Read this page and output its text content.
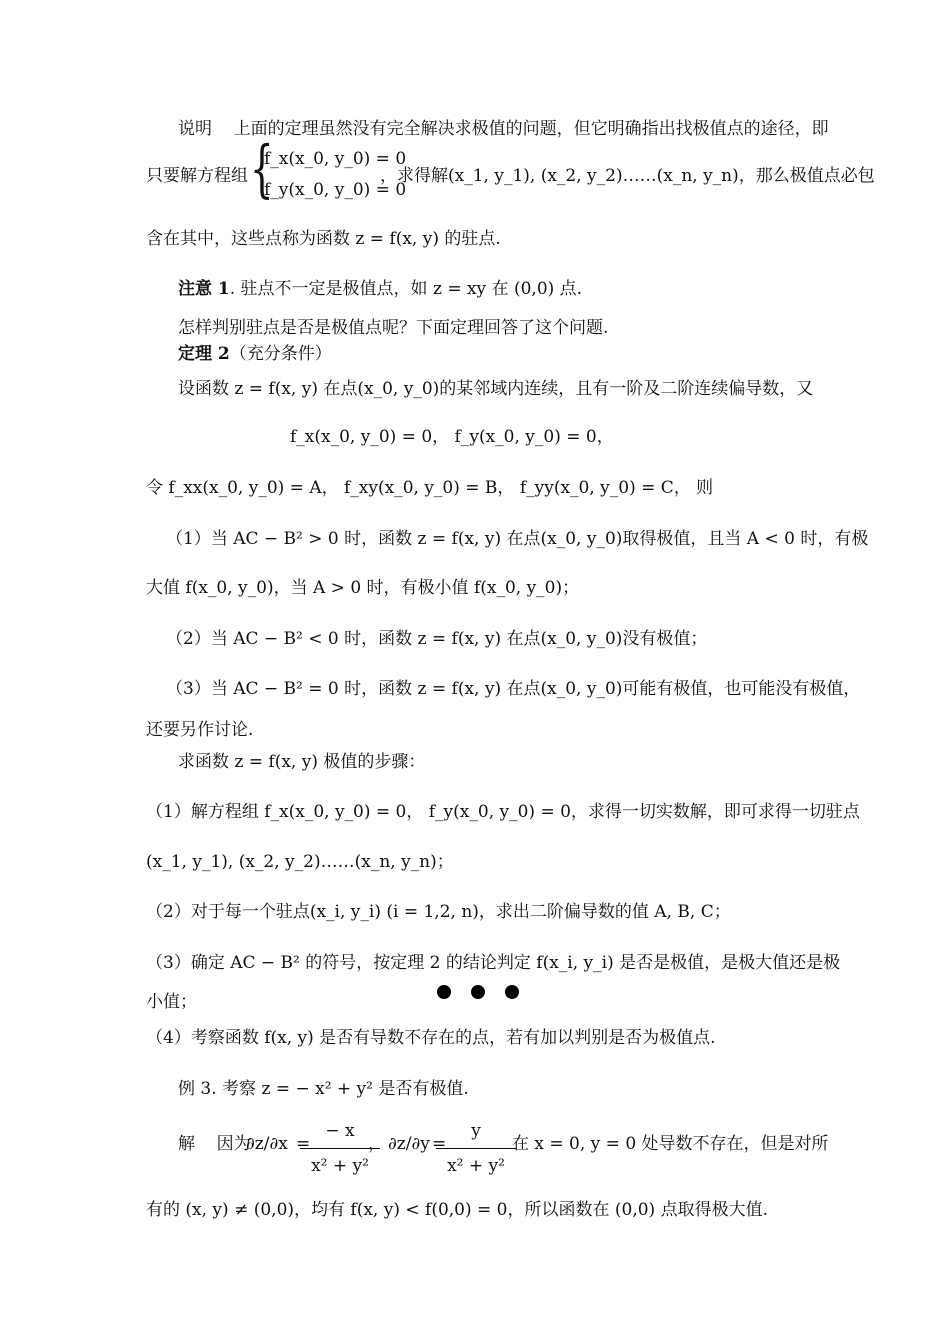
说明 上面的定理虽然没有完全解决求极值的问题，但它明确指出找极值点的途径，即
只要解方程组 {
f_x(x_0, y_0) = 0
f_y(x_0, y_0) = 0
，求得解(x_1, y_1), (x_2, y_2)……(x_n, y_n)，那么极值点必包
含在其中，这些点称为函数 z = f(x, y) 的驻点.
注意 1. 驻点不一定是极值点，如 z = xy 在 (0,0) 点.
怎样判别驻点是否是极值点呢？下面定理回答了这个问题.
定理 2（充分条件）
设函数 z = f(x, y) 在点(x_0, y_0)的某邻域内连续，且有一阶及二阶连续偏导数，又
f_x(x_0, y_0) = 0， f_y(x_0, y_0) = 0，
令 f_xx(x_0, y_0) = A， f_xy(x_0, y_0) = B， f_yy(x_0, y_0) = C， 则
（1）当 AC − B² > 0 时，函数 z = f(x, y) 在点(x_0, y_0)取得极值，且当 A < 0 时，有极
大值 f(x_0, y_0)，当 A > 0 时，有极小值 f(x_0, y_0)；
（2）当 AC − B² < 0 时，函数 z = f(x, y) 在点(x_0, y_0)没有极值；
（3）当 AC − B² = 0 时，函数 z = f(x, y) 在点(x_0, y_0)可能有极值，也可能没有极值，
还要另作讨论.
求函数 z = f(x, y) 极值的步骤：
（1）解方程组 f_x(x_0, y_0) = 0， f_y(x_0, y_0) = 0，求得一切实数解，即可求得一切驻点
(x_1, y_1), (x_2, y_2)……(x_n, y_n)；
（2）对于每一个驻点(x_i, y_i) (i = 1,2, n)，求出二阶偏导数的值 A, B, C；
（3）确定 AC − B² 的符号，按定理 2 的结论判定 f(x_i, y_i) 是否是极值，是极大值还是极
小值；
（4）考察函数 f(x, y) 是否有导数不存在的点，若有加以判别是否为极值点.
例 3. 考察 z = − x² + y² 是否有极值.
解 因为
∂z/∂x =
− x
x² + y²
， ∂z/∂y =
y
x² + y²
在 x = 0, y = 0 处导数不存在，但是对所
有的 (x, y) ≠ (0,0)，均有 f(x, y) < f(0,0) = 0，所以函数在 (0,0) 点取得极大值.
